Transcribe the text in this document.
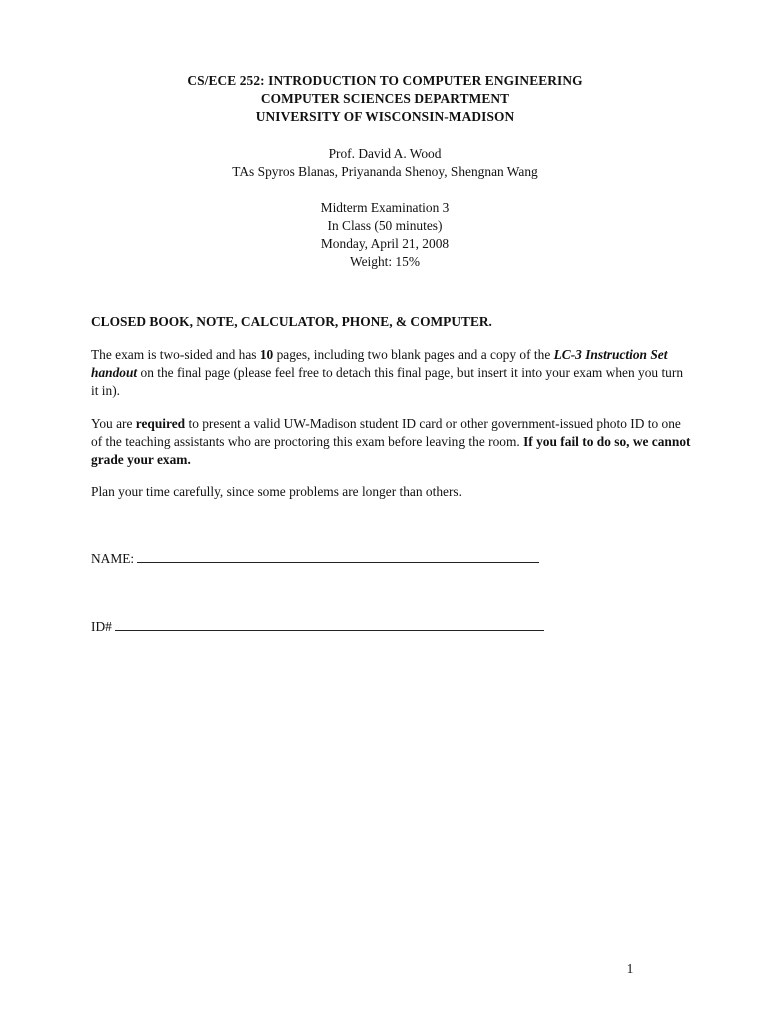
CS/ECE 252: INTRODUCTION TO COMPUTER ENGINEERING
COMPUTER SCIENCES DEPARTMENT
UNIVERSITY OF WISCONSIN-MADISON
Prof. David A. Wood
TAs Spyros Blanas, Priyananda Shenoy, Shengnan Wang
Midterm Examination 3
In Class (50 minutes)
Monday, April 21, 2008
Weight: 15%

CLOSED BOOK, NOTE, CALCULATOR, PHONE, & COMPUTER.

The exam is two-sided and has 10 pages, including two blank pages and a copy of the LC-3 Instruction Set handout on the final page (please feel free to detach this final page, but insert it into your exam when you turn it in).

You are required to present a valid UW-Madison student ID card or other government-issued photo ID to one of the teaching assistants who are proctoring this exam before leaving the room. If you fail to do so, we cannot grade your exam.

Plan your time carefully, since some problems are longer than others.

NAME:
ID#
1
